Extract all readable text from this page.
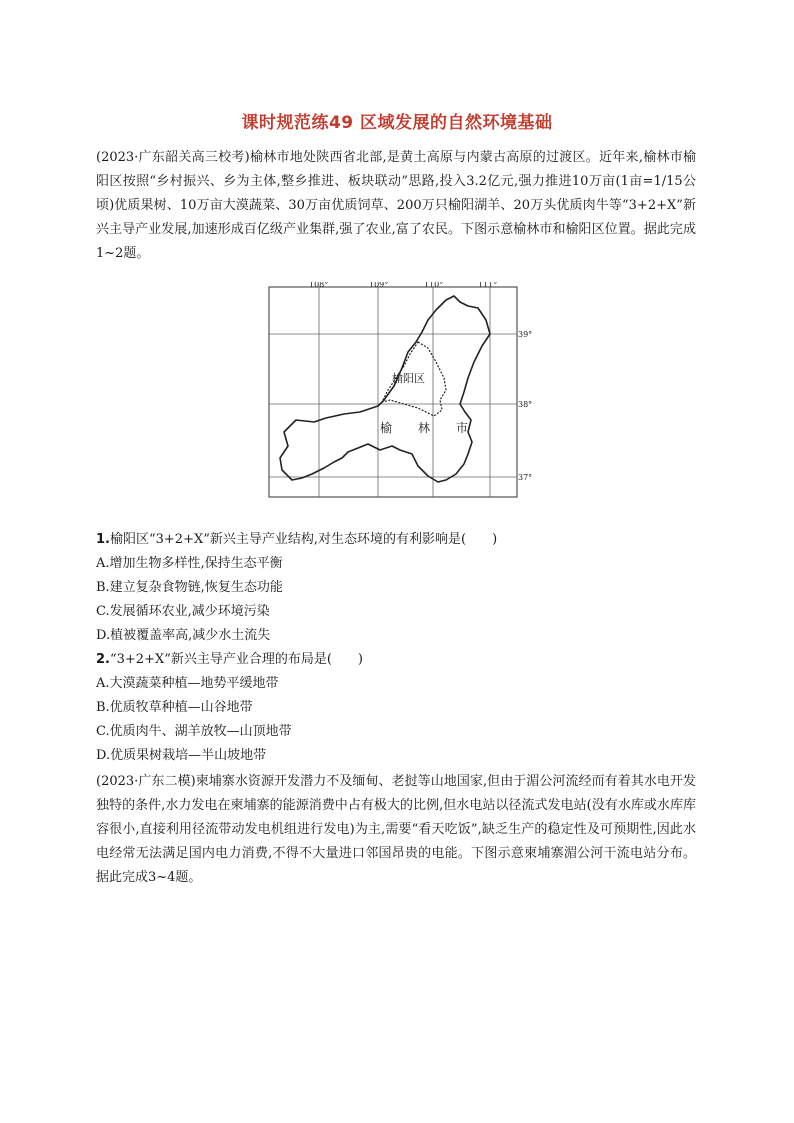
课时规范练49 区域发展的自然环境基础
(2023·广东韶关高三校考)榆林市地处陕西省北部,是黄土高原与内蒙古高原的过渡区。近年来,榆林市榆阳区按照“乡村振兴、乡为主体,整乡推进、板块联动”思路,投入3.2亿元,强力推进10万亩(1亩=1/15公顷)优质果树、10万亩大漠蔬菜、30万亩优质饲草、200万只榆阳湖羊、20万头优质肉牛等“3+2+X”新兴主导产业发展,加速形成百亿级产业集群,强了农业,富了农民。下图示意榆林市和榆阳区位置。据此完成1~2题。
108°	109°	110°	111°
39°
38°
37°
榆阳区
榆 林 市
1.榆阳区“3+2+X”新兴主导产业结构,对生态环境的有利影响是(　　)
A.增加生物多样性,保持生态平衡
B.建立复杂食物链,恢复生态功能
C.发展循环农业,减少环境污染
D.植被覆盖率高,减少水土流失
2.“3+2+X”新兴主导产业合理的布局是(　　)
A.大漠蔬菜种植—地势平缓地带
B.优质牧草种植—山谷地带
C.优质肉牛、湖羊放牧—山顶地带
D.优质果树栽培—半山坡地带
(2023·广东二模)柬埔寨水资源开发潜力不及缅甸、老挝等山地国家,但由于湄公河流经而有着其水电开发独特的条件,水力发电在柬埔寨的能源消费中占有极大的比例,但水电站以径流式发电站(没有水库或水库库容很小,直接利用径流带动发电机组进行发电)为主,需要“看天吃饭”,缺乏生产的稳定性及可预期性,因此水电经常无法满足国内电力消费,不得不大量进口邻国昂贵的电能。下图示意柬埔寨湄公河干流电站分布。据此完成3~4题。
